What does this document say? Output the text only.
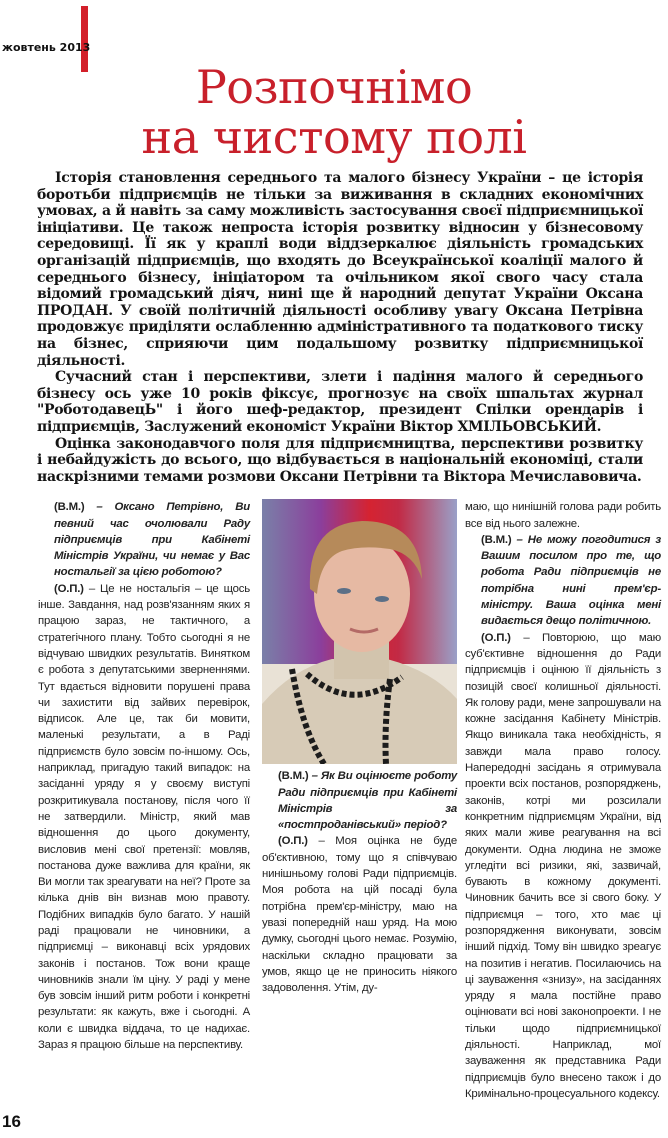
жовтень 2013
Розпочнімо
на чистому полі

Історія становлення середнього та малого бізнесу України – це історія боротьби підприємців не тільки за виживання в складних економічних умовах, а й навіть за саму можливість застосування своєї підприємницької ініціативи. Це також непроста історія розвитку відносин у бізнесовому середовищі. Її як у краплі води віддзеркалює діяльність громадських організацій підприємців, що входять до Всеукраїнської коаліції малого й середнього бізнесу, ініціатором та очільником якої свого часу стала відомий громадський діяч, нині ще й народний депутат України Оксана ПРОДАН. У своїй політичній діяльності особливу увагу Оксана Петрівна продовжує приділяти ослабленню адміністративного та податкового тиску на бізнес, сприяючи цим подальшому розвитку підприємницької діяльності.

Сучасний стан і перспективи, злети і падіння малого й середнього бізнесу ось уже 10 років фіксує, прогнозує на своїх шпальтах журнал "РоботодавецЬ" і його шеф-редактор, президент Спілки орендарів і підприємців, Заслужений економіст України Віктор ХМІЛЬОВСЬКИЙ.

Оцінка законодавчого поля для підприємництва, перспективи розвитку і небайдужість до всього, що відбувається в національній економіці, стали наскрізними темами розмови Оксани Петрівни та Віктора Мечиславовича.

(В.М.) – Оксано Петрівно, Ви певний час очолювали Раду підприємців при Кабінеті Міністрів України, чи немає у Вас ностальгії за цією роботою?

(О.П.) – Це не ностальгія – це щось інше. Завдання, над розв'язанням яких я працюю зараз, не тактичного, а стратегічного плану. Тобто сьогодні я не відчуваю швидких результатів. Винятком є робота з депутатськими зверненнями. Тут вдається відновити порушені права чи захистити від зайвих перевірок, відписок. Але це, так би мовити, маленькі результати, а в Раді підприємств було зовсім по-іншому. Ось, наприклад, пригадую такий випадок: на засіданні уряду я у своєму виступі розкритикувала постанову, після чого її не затвердили. Міністр, який мав відношення до цього документу, висловив мені свої претензії: мовляв, постанова дуже важлива для країни, як Ви могли так зреагувати на неї? Проте за кілька днів він визнав мою правоту. Подібних випадків було багато. У нашій раді працювали не чиновники, а підприємці – виконавці всіх урядових законів і постанов. Тож вони краще чиновників знали їм ціну. У раді у мене був зовсім інший ритм роботи і конкретні результати: як кажуть, вже і сьогодні. А коли є швидка віддача, то це надихає. Зараз я працюю більше на перспективу.

(В.М.) – Як Ви оцінюєте роботу Ради підприємців при Кабінеті Міністрів за «постпроданівський» період?

(О.П.) – Моя оцінка не буде об'єктивною, тому що я співчуваю нинішньому голові Ради підприємців. Моя робота на цій посаді була потрібна прем'єр-міністру, маю на увазі попередній наш уряд. На мою думку, сьогодні цього немає. Розумію, наскільки складно працювати за умов, якщо це не приносить ніякого задоволення. Утім, ду-

маю, що нинішній голова ради робить все від нього залежне.

(В.М.) – Не можу погодитися з Вашим посилом про те, що робота Ради підприємців не потрібна нині прем'єр-міністру. Ваша оцінка мені видається дещо політичною.

(О.П.) – Повторюю, що маю суб'єктивне відношення до Ради підприємців і оцінюю її діяльність з позицій своєї колишньої діяльності. Як голову ради, мене запрошували на кожне засідання Кабінету Міністрів. Якщо виникала така необхідність, я завжди мала право голосу. Напередодні засідань я отримувала проекти всіх постанов, розпоряджень, законів, котрі ми розсилали конкретним підприємцям України, від яких мали живе реагування на всі документи. Одна людина не зможе угледіти всі ризики, які, зазвичай, бувають в кожному документі. Чиновник бачить все зі свого боку. У підприємця – того, хто має ці розпорядження виконувати, зовсім інший підхід. Тому він швидко зреагує на позитив і негатив. Посилаючись на ці зауваження «знизу», на засіданнях уряду я мала постійне право оцінювати всі нові законопроекти. І не тільки щодо підприємницької діяльності. Наприклад, мої зауваження як представника Ради підприємців було внесено також і до Кримінально-процесуального кодексу.

16
